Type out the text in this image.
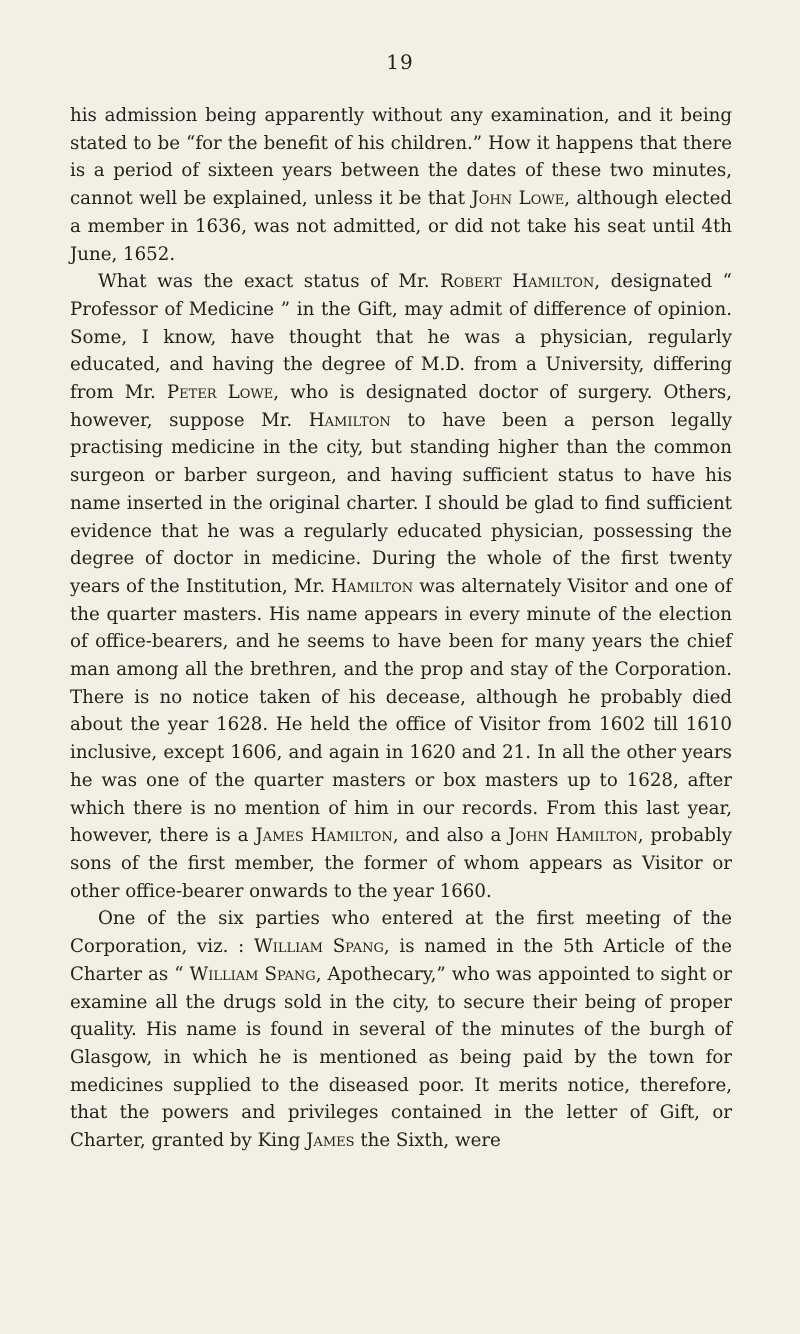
19

his admission being apparently without any examination, and it being stated to be “for the benefit of his children.” How it happens that there is a period of sixteen years between the dates of these two minutes, cannot well be explained, unless it be that John Lowe, although elected a member in 1636, was not admitted, or did not take his seat until 4th June, 1652.

What was the exact status of Mr. Robert Hamilton, designated “ Professor of Medicine ” in the Gift, may admit of difference of opinion. Some, I know, have thought that he was a physician, regularly educated, and having the degree of M.D. from a University, differing from Mr. Peter Lowe, who is designated doctor of surgery. Others, however, suppose Mr. Hamilton to have been a person legally practising medicine in the city, but standing higher than the common surgeon or barber surgeon, and having sufficient status to have his name inserted in the original charter. I should be glad to find sufficient evidence that he was a regularly educated physician, possessing the degree of doctor in medicine. During the whole of the first twenty years of the Institution, Mr. Hamilton was alternately Visitor and one of the quarter masters. His name appears in every minute of the election of office-bearers, and he seems to have been for many years the chief man among all the brethren, and the prop and stay of the Corporation. There is no notice taken of his decease, although he probably died about the year 1628. He held the office of Visitor from 1602 till 1610 inclusive, except 1606, and again in 1620 and 21. In all the other years he was one of the quarter masters or box masters up to 1628, after which there is no mention of him in our records. From this last year, however, there is a James Hamilton, and also a John Hamilton, probably sons of the first member, the former of whom appears as Visitor or other office-bearer onwards to the year 1660.

One of the six parties who entered at the first meeting of the Corporation, viz. : William Spang, is named in the 5th Article of the Charter as “ William Spang, Apothecary,” who was appointed to sight or examine all the drugs sold in the city, to secure their being of proper quality. His name is found in several of the minutes of the burgh of Glasgow, in which he is mentioned as being paid by the town for medicines supplied to the diseased poor. It merits notice, therefore, that the powers and privileges contained in the letter of Gift, or Charter, granted by King James the Sixth, were
